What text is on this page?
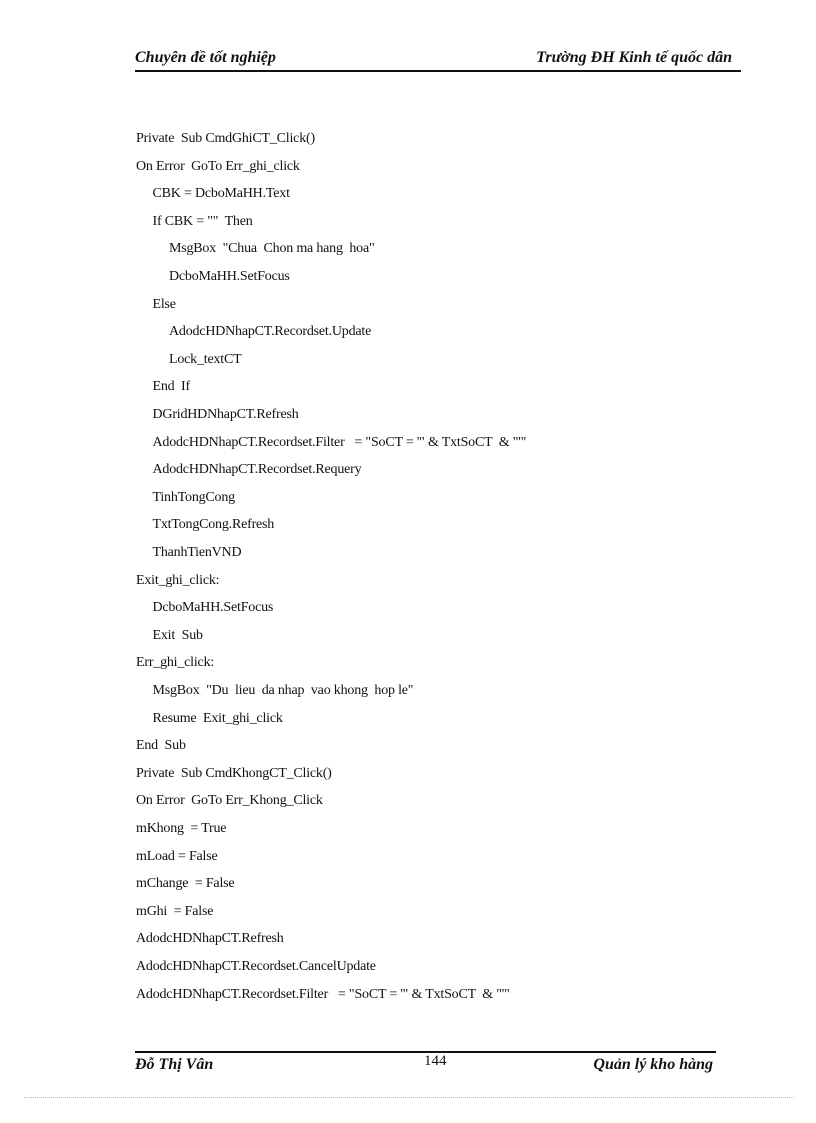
Chuyên đề tốt nghiệp	Trường ĐH Kinh tế quốc dân
Private  Sub CmdGhiCT_Click()
On Error  GoTo Err_ghi_click
CBK = DcboMaHH.Text
If CBK = ""  Then
MsgBox  "Chua  Chon ma hang  hoa"
DcboMaHH.SetFocus
Else
AdodcHDNhapCT.Recordset.Update
Lock_textCT
End  If
DGridHDNhapCT.Refresh
AdodcHDNhapCT.Recordset.Filter   = "SoCT = '" & TxtSoCT  & "'"
AdodcHDNhapCT.Recordset.Requery
TinhTongCong
TxtTongCong.Refresh
ThanhTienVND
Exit_ghi_click:
DcboMaHH.SetFocus
Exit  Sub
Err_ghi_click:
MsgBox  "Du  lieu  da nhap  vao khong  hop le"
Resume  Exit_ghi_click
End  Sub
Private  Sub CmdKhongCT_Click()
On Error  GoTo Err_Khong_Click
mKhong  = True
mLoad = False
mChange  = False
mGhi  = False
AdodcHDNhapCT.Refresh
AdodcHDNhapCT.Recordset.CancelUpdate
AdodcHDNhapCT.Recordset.Filter   = "SoCT = '" & TxtSoCT  & "'"
Đỗ Thị Vân	144	Quản lý kho hàng
